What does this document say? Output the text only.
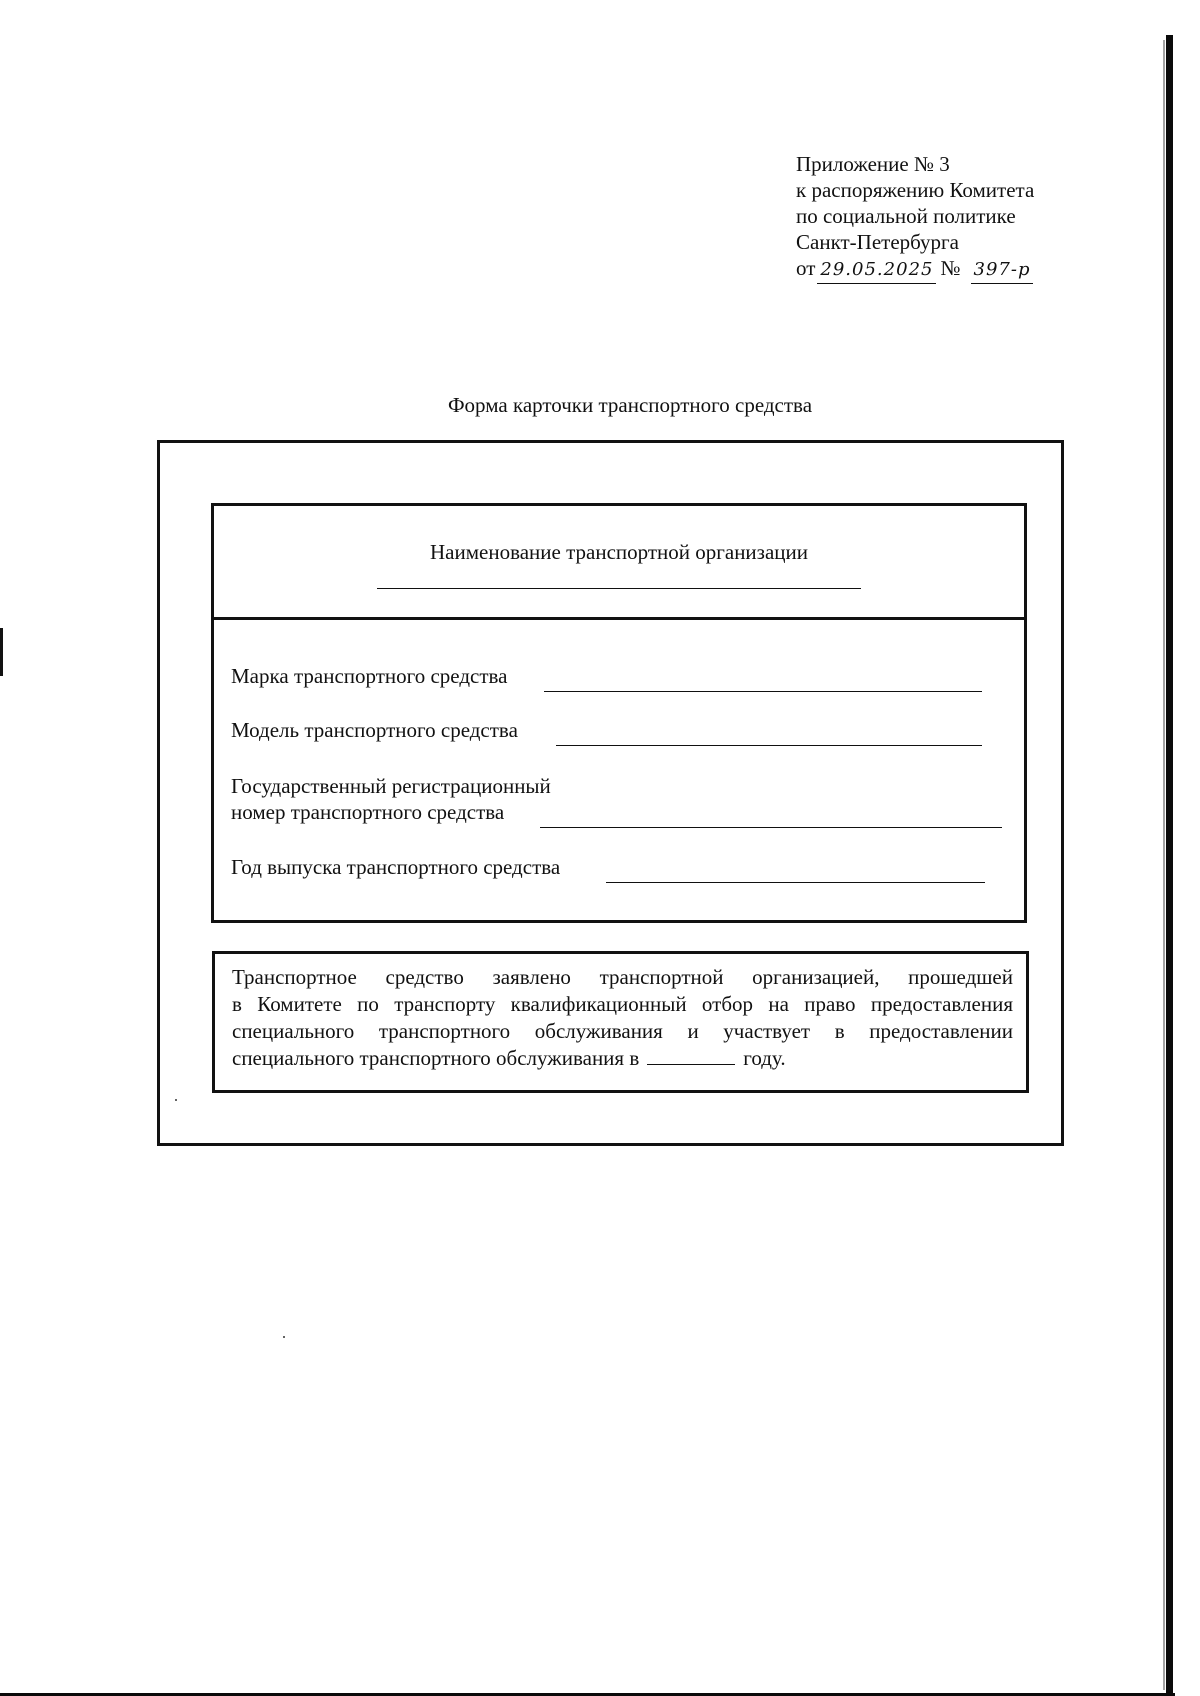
Приложение № 3
к распоряжению Комитета
по социальной политике
Санкт-Петербурга
от 29.05.2025 № 397-р
Форма карточки транспортного средства
Наименование транспортной организации
Марка транспортного средства
Модель транспортного средства
Государственный регистрационный
номер транспортного средства
Год выпуска транспортного средства
Транспортное средство заявлено транспортной организацией, прошедшей
в Комитете по транспорту квалификационный отбор на право предоставления
специального транспортного обслуживания и участвует в предоставлении
специального транспортного обслуживания в	году.
